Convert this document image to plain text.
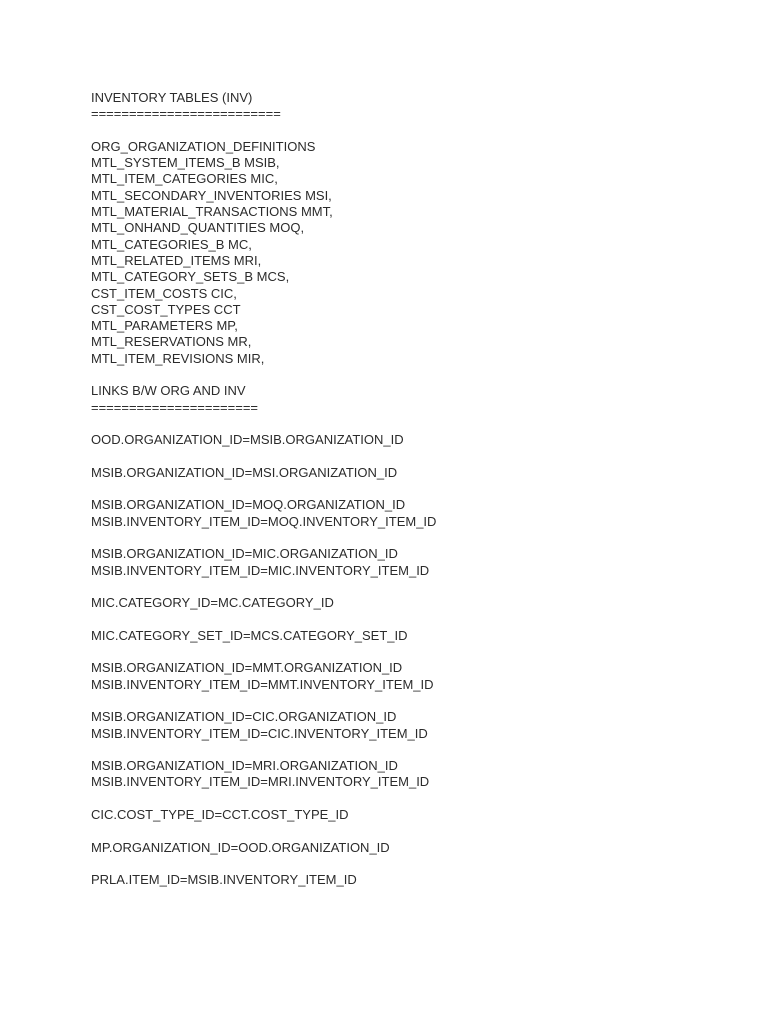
INVENTORY TABLES (INV)
=========================
ORG_ORGANIZATION_DEFINITIONS
MTL_SYSTEM_ITEMS_B MSIB,
MTL_ITEM_CATEGORIES MIC,
MTL_SECONDARY_INVENTORIES MSI,
MTL_MATERIAL_TRANSACTIONS MMT,
MTL_ONHAND_QUANTITIES MOQ,
MTL_CATEGORIES_B MC,
MTL_RELATED_ITEMS MRI,
MTL_CATEGORY_SETS_B MCS,
CST_ITEM_COSTS CIC,
CST_COST_TYPES CCT
MTL_PARAMETERS MP,
MTL_RESERVATIONS MR,
MTL_ITEM_REVISIONS MIR,
LINKS B/W ORG AND INV
======================
OOD.ORGANIZATION_ID=MSIB.ORGANIZATION_ID
MSIB.ORGANIZATION_ID=MSI.ORGANIZATION_ID
MSIB.ORGANIZATION_ID=MOQ.ORGANIZATION_ID
MSIB.INVENTORY_ITEM_ID=MOQ.INVENTORY_ITEM_ID
MSIB.ORGANIZATION_ID=MIC.ORGANIZATION_ID
MSIB.INVENTORY_ITEM_ID=MIC.INVENTORY_ITEM_ID
MIC.CATEGORY_ID=MC.CATEGORY_ID
MIC.CATEGORY_SET_ID=MCS.CATEGORY_SET_ID
MSIB.ORGANIZATION_ID=MMT.ORGANIZATION_ID
MSIB.INVENTORY_ITEM_ID=MMT.INVENTORY_ITEM_ID
MSIB.ORGANIZATION_ID=CIC.ORGANIZATION_ID
MSIB.INVENTORY_ITEM_ID=CIC.INVENTORY_ITEM_ID
MSIB.ORGANIZATION_ID=MRI.ORGANIZATION_ID
MSIB.INVENTORY_ITEM_ID=MRI.INVENTORY_ITEM_ID
CIC.COST_TYPE_ID=CCT.COST_TYPE_ID
MP.ORGANIZATION_ID=OOD.ORGANIZATION_ID
PRLA.ITEM_ID=MSIB.INVENTORY_ITEM_ID
